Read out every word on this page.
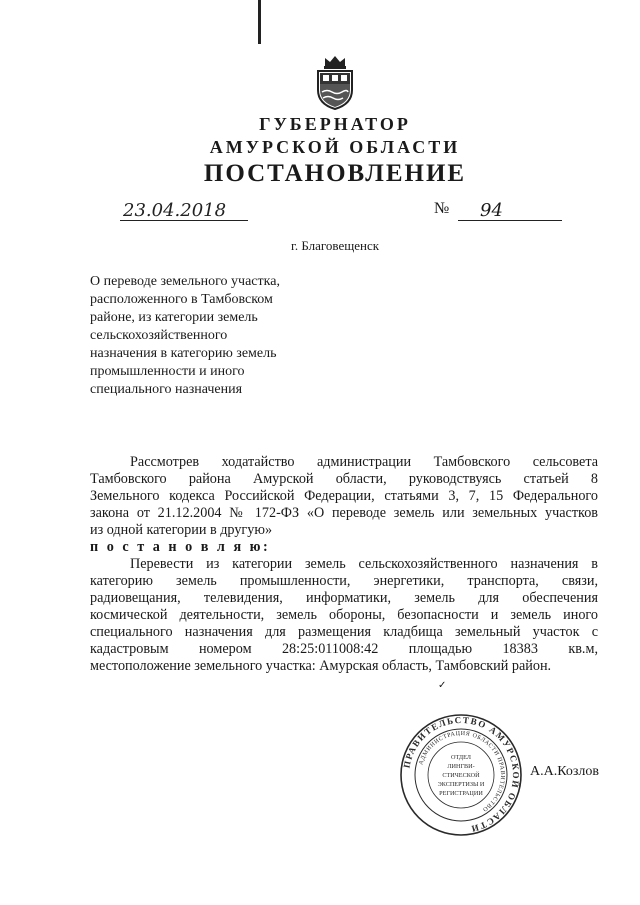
ГУБЕРНАТОР
АМУРСКОЙ ОБЛАСТИ
ПОСТАНОВЛЕНИЕ
23.04.2018	№ 94
г. Благовещенск
О переводе земельного участка,
расположенного в Тамбовском
районе, из категории земель
сельскохозяйственного
назначения в категорию земель
промышленности и иного
специального назначения
Рассмотрев ходатайство администрации Тамбовского сельсовета
Тамбовского района Амурской области, руководствуясь статьей 8
Земельного кодекса Российской Федерации, статьями 3, 7, 15 Федерального
закона от 21.12.2004 № 172-ФЗ «О переводе земель или земельных участков
из одной категории в другую»
п о с т а н о в л я ю:
Перевести из категории земель сельскохозяйственного назначения в
категорию земель промышленности, энергетики, транспорта, связи,
радиовещания, телевидения, информатики, земель для обеспечения
космической деятельности, земель обороны, безопасности и земель иного
специального назначения для размещения кладбища земельный участок с
кадастровым номером 28:25:011008:42 площадью 18383 кв.м,
местоположение земельного участка: Амурская область, Тамбовский район.
✓
ПРАВИТЕЛЬСТВО АМУРСКОЙ ОБЛАСТИ
АДМИНИСТРАЦИЯ ОБЛАСТИ ПРАВИТЕЛЬСТВО
ОТДЕЛ
ЛИНГВИ-
СТИЧЕСКОЙ
ЭКСПЕРТИЗЫ И
РЕГИСТРАЦИИ
А.А.Козлов
